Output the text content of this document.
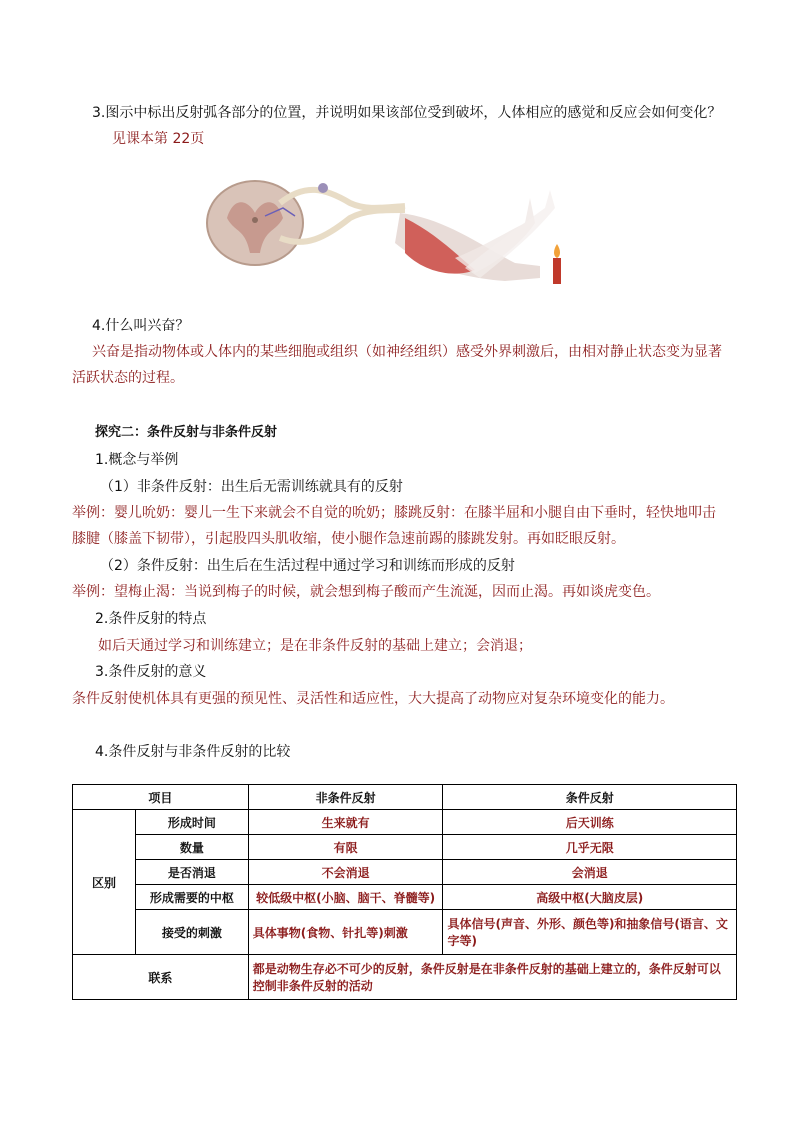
3.图示中标出反射弧各部分的位置，并说明如果该部位受到破坏，人体相应的感觉和反应会如何变化？
见课本第 22页
4.什么叫兴奋？
兴奋是指动物体或人体内的某些细胞或组织（如神经组织）感受外界刺激后，由相对静止状态变为显著
活跃状态的过程。
探究二：条件反射与非条件反射
1.概念与举例
（1）非条件反射：出生后无需训练就具有的反射
举例：婴儿吮奶：婴儿一生下来就会不自觉的吮奶；膝跳反射：在膝半屈和小腿自由下垂时，轻快地叩击
膝腱（膝盖下韧带），引起股四头肌收缩，使小腿作急速前踢的膝跳发射。再如眨眼反射。
（2）条件反射：出生后在生活过程中通过学习和训练而形成的反射
举例：望梅止渴：当说到梅子的时候，就会想到梅子酸而产生流涎，因而止渴。再如谈虎变色。
2.条件反射的特点
如后天通过学习和训练建立；是在非条件反射的基础上建立；会消退；
3.条件反射的意义
条件反射使机体具有更强的预见性、灵活性和适应性，大大提高了动物应对复杂环境变化的能力。
4.条件反射与非条件反射的比较
项目		非条件反射	条件反射
区别	形成时间	生来就有	后天训练
	数量	有限	几乎无限
	是否消退	不会消退	会消退
	形成需要的中枢	较低级中枢(小脑、脑干、脊髓等)	高级中枢(大脑皮层)
	接受的刺激	具体事物(食物、针扎等)刺激	具体信号(声音、外形、颜色等)和抽象信号(语言、文字等)
联系		都是动物生存必不可少的反射，条件反射是在非条件反射的基础上建立的，条件反射可以控制非条件反射的活动	
